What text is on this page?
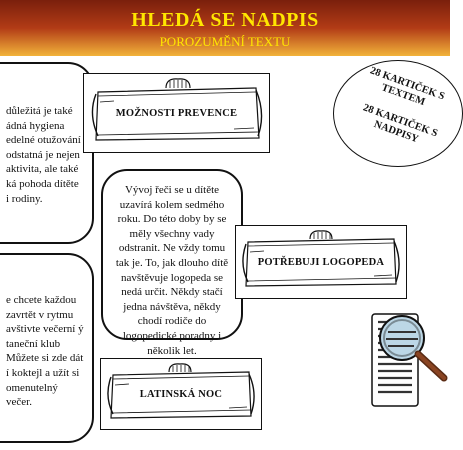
HLEDÁ SE NADPIS
POROZUMĚNÍ TEXTU

důležitá je také ádná hygiena edelné otužování odstatná je nejen aktivita, ale také ká pohoda dítěte i rodiny.

Vývoj řeči se u dítěte uzavírá kolem sedmého roku. Do této doby by se měly všechny vady odstranit. Ne vždy tomu tak je. To, jak dlouho dítě navštěvuje logopeda se nedá určit. Někdy stačí jedna návštěva, někdy chodí rodiče do logopedické poradny i několik let.

e chcete každou zavrtět v rytmu avštivte večerní ý taneční klub Můžete si zde dát í koktejl a užít si omenutelný večer.

MOŽNOSTI PREVENCE
POTŘEBUJI LOGOPEDA
LATINSKÁ NOC
28 KARTIČEK S TEXTEM
28 KARTIČEK S NADPISY
